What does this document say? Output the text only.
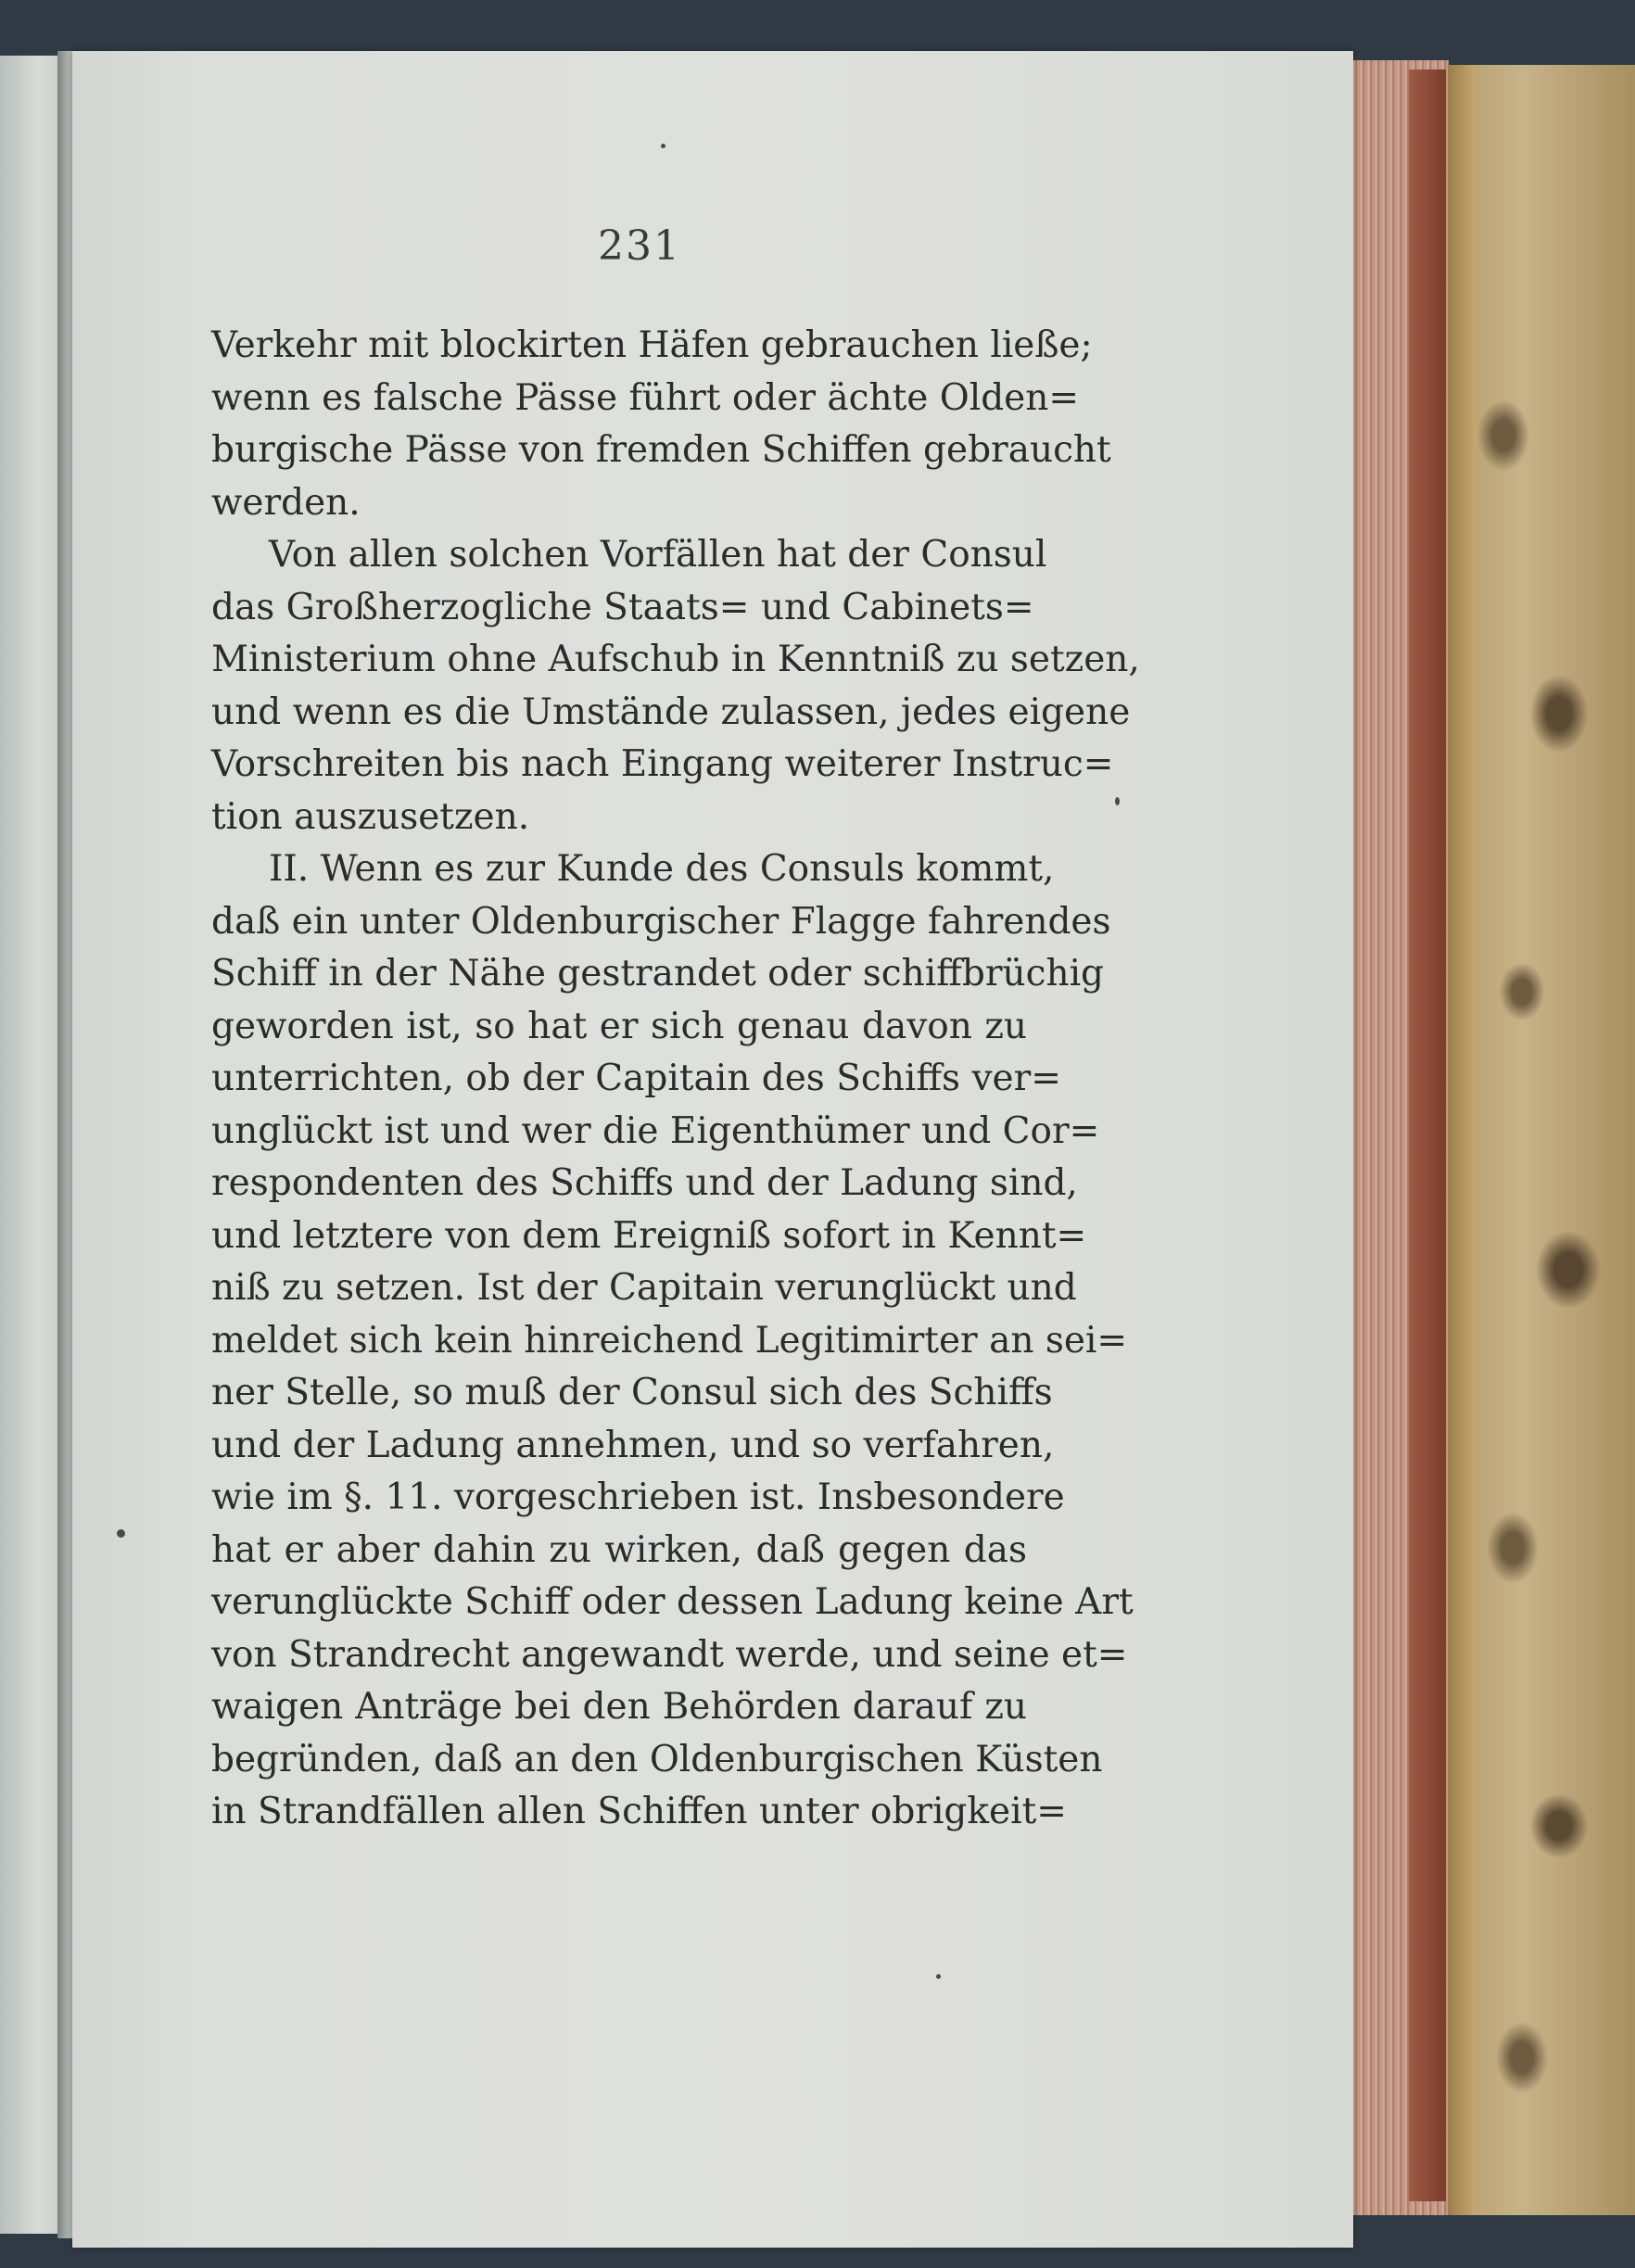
231
Verkehr mit blockirten Häfen gebrauchen ließe;
wenn es falsche Pässe führt oder ächte Olden=
burgische Pässe von fremden Schiffen gebraucht
werden.
Von allen solchen Vorfällen hat der Consul
das Großherzogliche Staats= und Cabinets=
Ministerium ohne Aufschub in Kenntniß zu setzen,
und wenn es die Umstände zulassen, jedes eigene
Vorschreiten bis nach Eingang weiterer Instruc=
tion auszusetzen.
II. Wenn es zur Kunde des Consuls kommt,
daß ein unter Oldenburgischer Flagge fahrendes
Schiff in der Nähe gestrandet oder schiffbrüchig
geworden ist, so hat er sich genau davon zu
unterrichten, ob der Capitain des Schiffs ver=
unglückt ist und wer die Eigenthümer und Cor=
respondenten des Schiffs und der Ladung sind,
und letztere von dem Ereigniß sofort in Kennt=
niß zu setzen. Ist der Capitain verunglückt und
meldet sich kein hinreichend Legitimirter an sei=
ner Stelle, so muß der Consul sich des Schiffs
und der Ladung annehmen, und so verfahren,
wie im §. 11. vorgeschrieben ist. Insbesondere
hat er aber dahin zu wirken, daß gegen das
verunglückte Schiff oder dessen Ladung keine Art
von Strandrecht angewandt werde, und seine et=
waigen Anträge bei den Behörden darauf zu
begründen, daß an den Oldenburgischen Küsten
in Strandfällen allen Schiffen unter obrigkeit=
